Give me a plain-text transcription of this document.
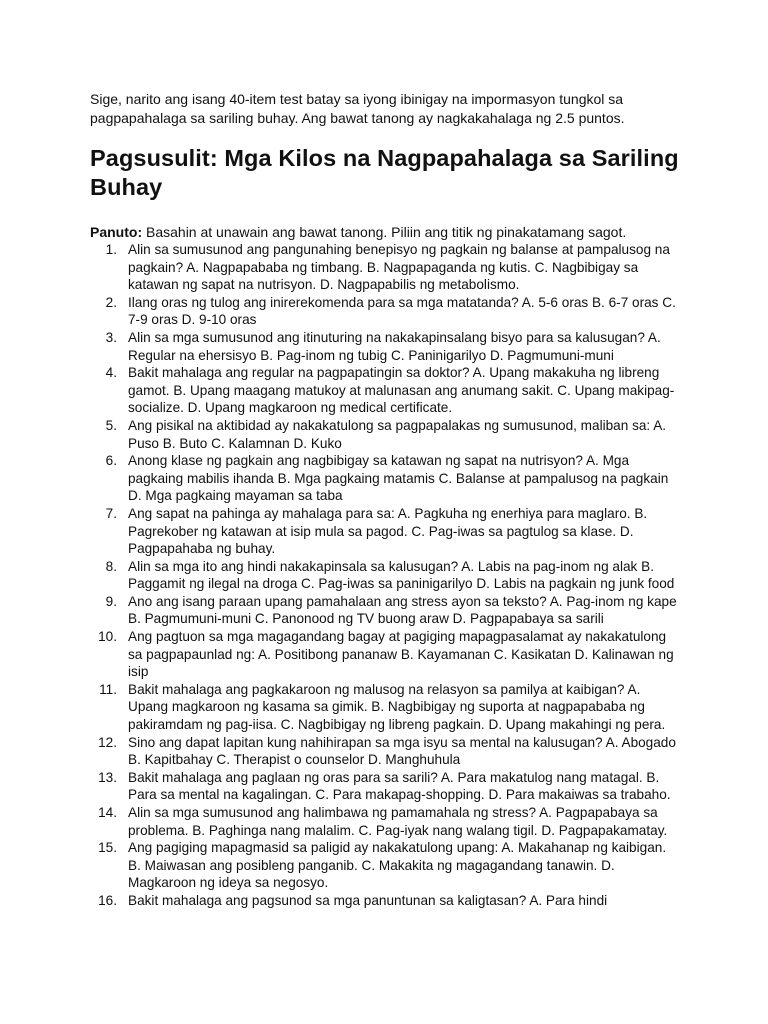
Sige, narito ang isang 40-item test batay sa iyong ibinigay na impormasyon tungkol sa pagpapahalaga sa sariling buhay. Ang bawat tanong ay nagkakahalaga ng 2.5 puntos.

Pagsusulit: Mga Kilos na Nagpapahalaga sa Sariling Buhay

Panuto: Basahin at unawain ang bawat tanong. Piliin ang titik ng pinakatamang sagot.

1. Alin sa sumusunod ang pangunahing benepisyo ng pagkain ng balanse at pampalusog na pagkain? A. Nagpapababa ng timbang. B. Nagpapaganda ng kutis. C. Nagbibigay sa katawan ng sapat na nutrisyon. D. Nagpapabilis ng metabolismo.
2. Ilang oras ng tulog ang inirerekomenda para sa mga matatanda? A. 5-6 oras B. 6-7 oras C. 7-9 oras D. 9-10 oras
3. Alin sa mga sumusunod ang itinuturing na nakakapinsalang bisyo para sa kalusugan? A. Regular na ehersisyo B. Pag-inom ng tubig C. Paninigarilyo D. Pagmumuni-muni
4. Bakit mahalaga ang regular na pagpapatingin sa doktor? A. Upang makakuha ng libreng gamot. B. Upang maagang matukoy at malunasan ang anumang sakit. C. Upang makipag-socialize. D. Upang magkaroon ng medical certificate.
5. Ang pisikal na aktibidad ay nakakatulong sa pagpapalakas ng sumusunod, maliban sa: A. Puso B. Buto C. Kalamnan D. Kuko
6. Anong klase ng pagkain ang nagbibigay sa katawan ng sapat na nutrisyon? A. Mga pagkaing mabilis ihanda B. Mga pagkaing matamis C. Balanse at pampalusog na pagkain D. Mga pagkaing mayaman sa taba
7. Ang sapat na pahinga ay mahalaga para sa: A. Pagkuha ng enerhiya para maglaro. B. Pagrekober ng katawan at isip mula sa pagod. C. Pag-iwas sa pagtulog sa klase. D. Pagpapahaba ng buhay.
8. Alin sa mga ito ang hindi nakakapinsala sa kalusugan? A. Labis na pag-inom ng alak B. Paggamit ng ilegal na droga C. Pag-iwas sa paninigarilyo D. Labis na pagkain ng junk food
9. Ano ang isang paraan upang pamahalaan ang stress ayon sa teksto? A. Pag-inom ng kape B. Pagmumuni-muni C. Panonood ng TV buong araw D. Pagpapabaya sa sarili
10. Ang pagtuon sa mga magagandang bagay at pagiging mapagpasalamat ay nakakatulong sa pagpapaunlad ng: A. Positibong pananaw B. Kayamanan C. Kasikatan D. Kalinawan ng isip
11. Bakit mahalaga ang pagkakaroon ng malusog na relasyon sa pamilya at kaibigan? A. Upang magkaroon ng kasama sa gimik. B. Nagbibigay ng suporta at nagpapababa ng pakiramdam ng pag-iisa. C. Nagbibigay ng libreng pagkain. D. Upang makahingi ng pera.
12. Sino ang dapat lapitan kung nahihirapan sa mga isyu sa mental na kalusugan? A. Abogado B. Kapitbahay C. Therapist o counselor D. Manghuhula
13. Bakit mahalaga ang paglaan ng oras para sa sarili? A. Para makatulog nang matagal. B. Para sa mental na kagalingan. C. Para makapag-shopping. D. Para makaiwas sa trabaho.
14. Alin sa mga sumusunod ang halimbawa ng pamamahala ng stress? A. Pagpapabaya sa problema. B. Paghinga nang malalim. C. Pag-iyak nang walang tigil. D. Pagpapakamatay.
15. Ang pagiging mapagmasid sa paligid ay nakakatulong upang: A. Makahanap ng kaibigan. B. Maiwasan ang posibleng panganib. C. Makakita ng magagandang tanawin. D. Magkaroon ng ideya sa negosyo.
16. Bakit mahalaga ang pagsunod sa mga panuntunan sa kaligtasan? A. Para hindi
